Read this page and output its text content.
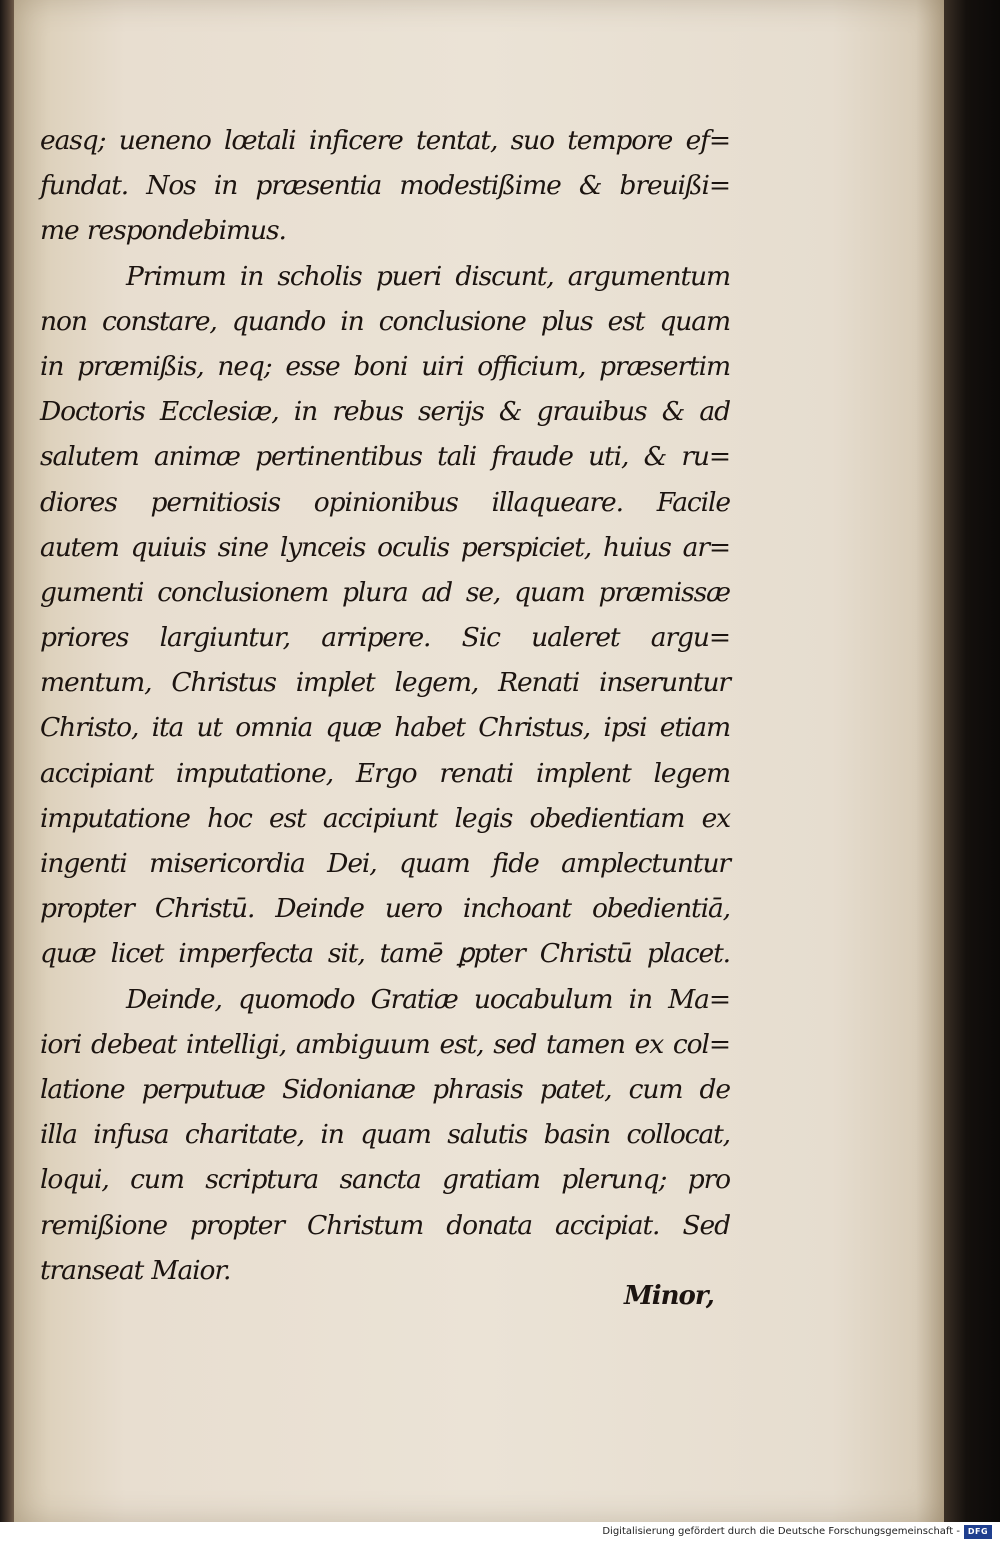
easq; ueneno lœtali inficere tentat, suo tempore ef=
fundat. Nos in præsentia modestißime & breuißi=
me respondebimus.
Primum in scholis pueri discunt, argumentum
non constare, quando in conclusione plus est quam
in præmißis, neq; esse boni uiri officium, præsertim
Doctoris Ecclesiæ, in rebus serijs & grauibus & ad
salutem animæ pertinentibus tali fraude uti, & ru=
diores pernitiosis opinionibus illaqueare. Facile
autem quiuis sine lynceis oculis perspiciet, huius ar=
gumenti conclusionem plura ad se, quam præmissæ
priores largiuntur, arripere. Sic ualeret argu=
mentum, Christus implet legem, Renati inseruntur
Christo, ita ut omnia quæ habet Christus, ipsi etiam
accipiant imputatione, Ergo renati implent legem
imputatione hoc est accipiunt legis obedientiam ex
ingenti misericordia Dei, quam fide amplectuntur
propter Christū. Deinde uero inchoant obedientiā,
quæ licet imperfecta sit, tamē ꝑpter Christū placet.
Deinde, quomodo Gratiæ uocabulum in Ma=
iori debeat intelligi, ambiguum est, sed tamen ex col=
latione perputuæ Sidonianæ phrasis patet, cum de
illa infusa charitate, in quam salutis basin collocat,
loqui, cum scriptura sancta gratiam plerunq; pro
remißione propter Christum donata accipiat. Sed
transeat Maior.
Minor,
Digitalisierung gefördert durch die Deutsche Forschungsgemeinschaft - DFG
